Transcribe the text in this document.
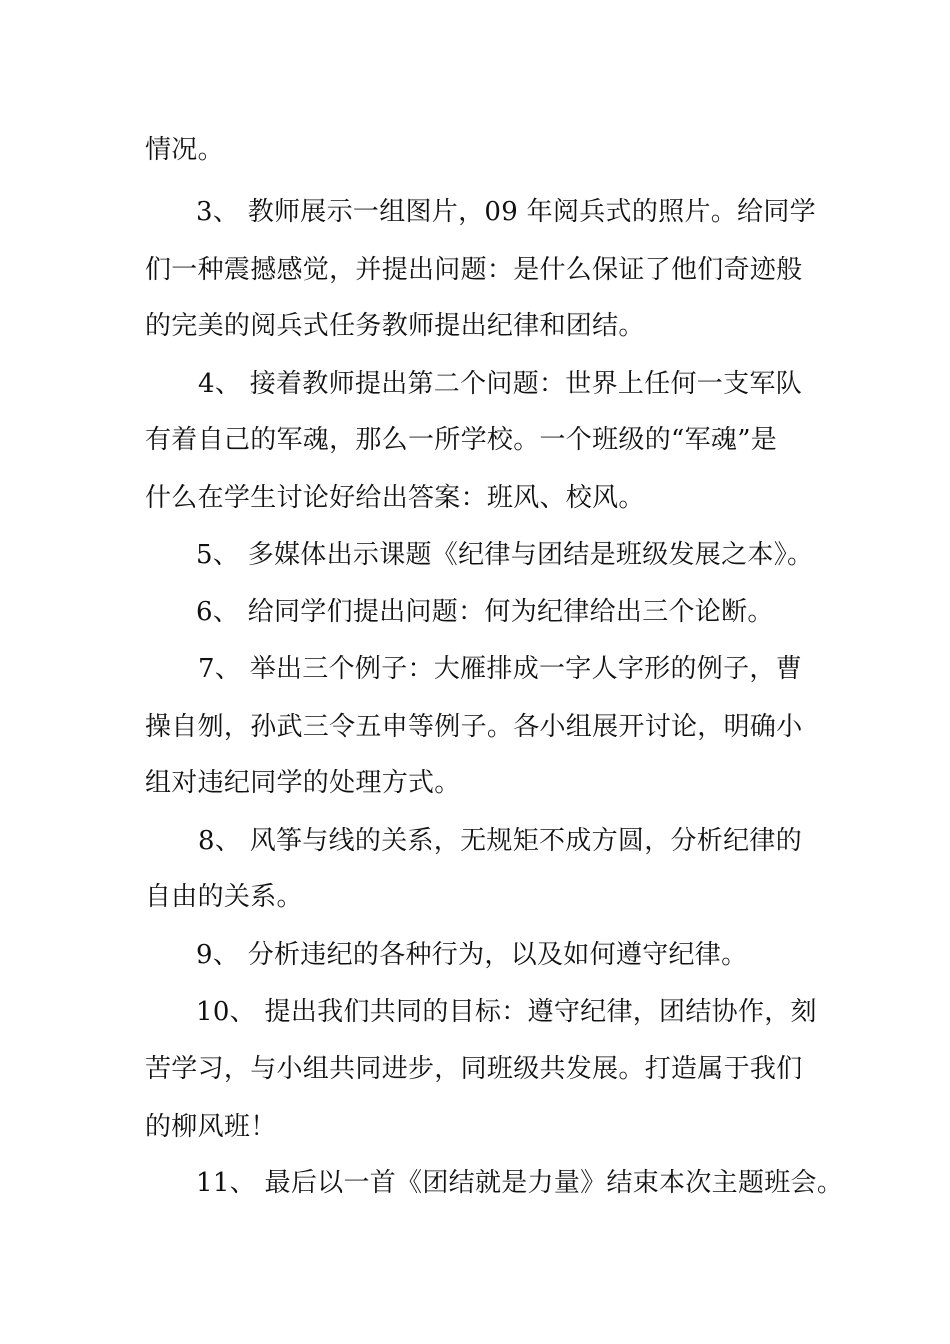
情况。
3、 教师展示一组图片，09 年阅兵式的照片。给同学
们一种震撼感觉，并提出问题：是什么保证了他们奇迹般
的完美的阅兵式任务教师提出纪律和团结。
4、 接着教师提出第二个问题：世界上任何一支军队
有着自己的军魂，那么一所学校。一个班级的“军魂”是
什么在学生讨论好给出答案：班风、校风。
5、 多媒体出示课题《纪律与团结是班级发展之本》。
6、 给同学们提出问题：何为纪律给出三个论断。
7、 举出三个例子：大雁排成一字人字形的例子，曹
操自刎，孙武三令五申等例子。各小组展开讨论，明确小
组对违纪同学的处理方式。
8、 风筝与线的关系，无规矩不成方圆，分析纪律的
自由的关系。
9、 分析违纪的各种行为，以及如何遵守纪律。
10、 提出我们共同的目标：遵守纪律，团结协作，刻
苦学习，与小组共同进步，同班级共发展。打造属于我们
的柳风班！
11、 最后以一首《团结就是力量》结束本次主题班会。
